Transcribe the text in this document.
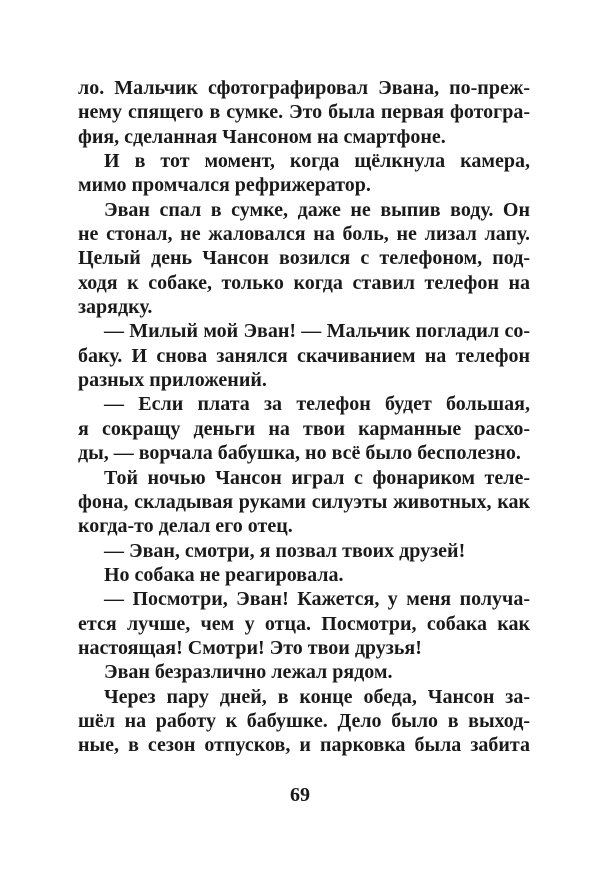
ло. Мальчик сфотографировал Эвана, по-преж-
нему спящего в сумке. Это была первая фотогра-
фия, сделанная Чансоном на смартфоне.
И в тот момент, когда щёлкнула камера,
мимо промчался рефрижератор.
Эван спал в сумке, даже не выпив воду. Он
не стонал, не жаловался на боль, не лизал лапу.
Целый день Чансон возился с телефоном, под-
ходя к собаке, только когда ставил телефон на
зарядку.
— Милый мой Эван! — Мальчик погладил со-
баку. И снова занялся скачиванием на телефон
разных приложений.
— Если плата за телефон будет большая,
я сокращу деньги на твои карманные расхо-
ды, — ворчала бабушка, но всё было бесполезно.
Той ночью Чансон играл с фонариком теле-
фона, складывая руками силуэты животных, как
когда-то делал его отец.
— Эван, смотри, я позвал твоих друзей!
Но собака не реагировала.
— Посмотри, Эван! Кажется, у меня получа-
ется лучше, чем у отца. Посмотри, собака как
настоящая! Смотри! Это твои друзья!
Эван безразлично лежал рядом.
Через пару дней, в конце обеда, Чансон за-
шёл на работу к бабушке. Дело было в выход-
ные, в сезон отпусков, и парковка была забита
69
